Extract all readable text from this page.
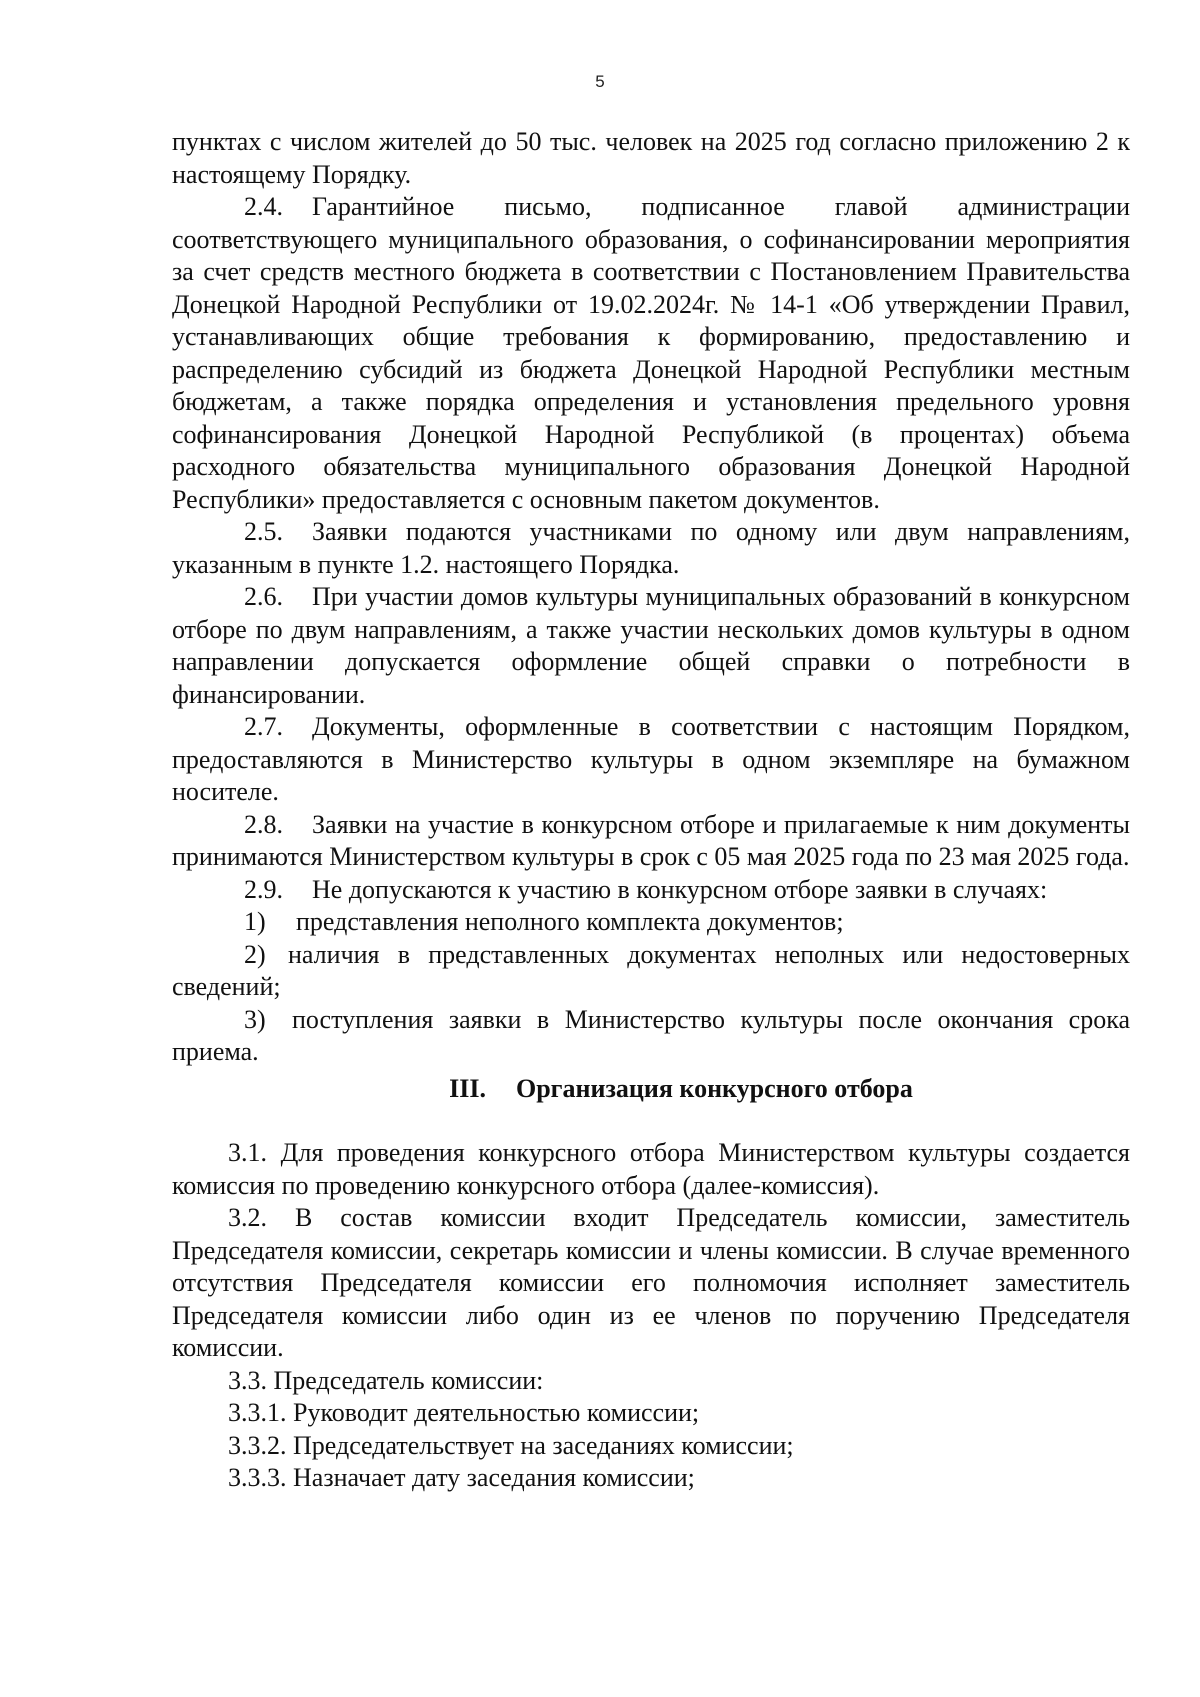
5

пунктах с числом жителей до 50 тыс. человек на 2025 год согласно приложению 2 к настоящему Порядку.

2.4. Гарантийное письмо, подписанное главой администрации соответствующего муниципального образования, о софинансировании мероприятия за счет средств местного бюджета в соответствии с Постановлением Правительства Донецкой Народной Республики от 19.02.2024г. № 14-1 «Об утверждении Правил, устанавливающих общие требования к формированию, предоставлению и распределению субсидий из бюджета Донецкой Народной Республики местным бюджетам, а также порядка определения и установления предельного уровня софинансирования Донецкой Народной Республикой (в процентах) объема расходного обязательства муниципального образования Донецкой Народной Республики» предоставляется с основным пакетом документов.

2.5. Заявки подаются участниками по одному или двум направлениям, указанным в пункте 1.2. настоящего Порядка.

2.6. При участии домов культуры муниципальных образований в конкурсном отборе по двум направлениям, а также участии нескольких домов культуры в одном направлении допускается оформление общей справки о потребности в финансировании.

2.7. Документы, оформленные в соответствии с настоящим Порядком, предоставляются в Министерство культуры в одном экземпляре на бумажном носителе.

2.8. Заявки на участие в конкурсном отборе и прилагаемые к ним документы принимаются Министерством культуры в срок с 05 мая 2025 года по 23 мая 2025 года.

2.9. Не допускаются к участию в конкурсном отборе заявки в случаях:

1) представления неполного комплекта документов;

2) наличия в представленных документах неполных или недостоверных сведений;

3) поступления заявки в Министерство культуры после окончания срока приема.

III. Организация конкурсного отбора

3.1. Для проведения конкурсного отбора Министерством культуры создается комиссия по проведению конкурсного отбора (далее-комиссия).

3.2. В состав комиссии входит Председатель комиссии, заместитель Председателя комиссии, секретарь комиссии и члены комиссии. В случае временного отсутствия Председателя комиссии его полномочия исполняет заместитель Председателя комиссии либо один из ее членов по поручению Председателя комиссии.

3.3. Председатель комиссии:

3.3.1. Руководит деятельностью комиссии;

3.3.2. Председательствует на заседаниях комиссии;

3.3.3. Назначает дату заседания комиссии;
